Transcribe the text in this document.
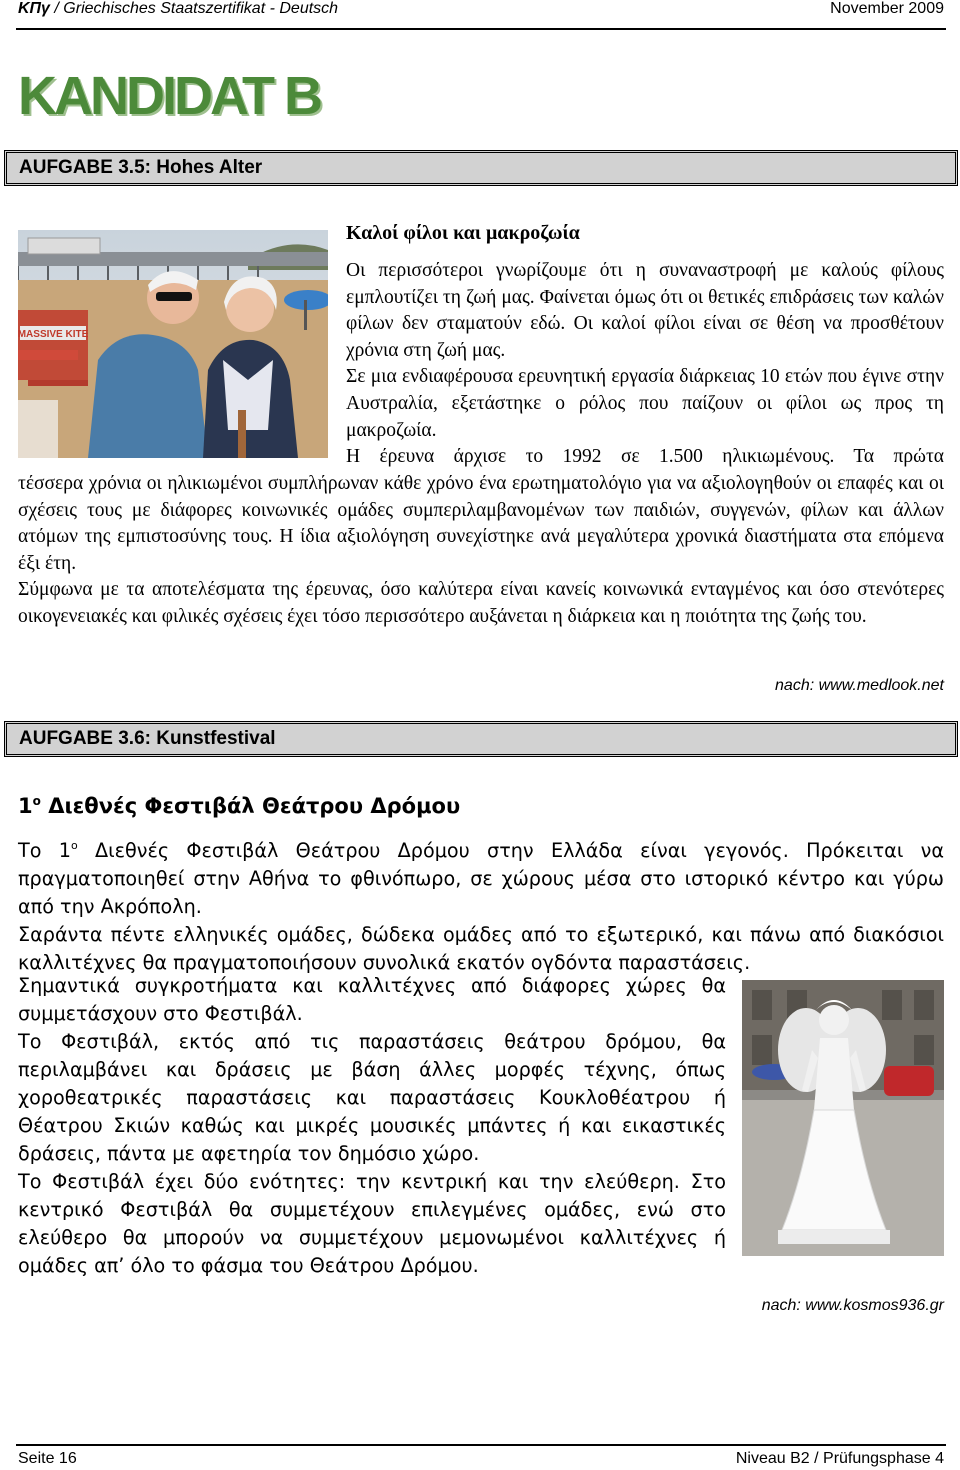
ΚΠγ / Griechisches Staatszertifikat - Deutsch	November 2009
KANDIDAT B
AUFGABE 3.5: Hohes Alter
MASSIVE KITE
Καλοί φίλοι και μακροζωία

Οι περισσότεροι γνωρίζουμε ότι η συναναστροφή με καλούς φίλους εμπλουτίζει τη ζωή μας. Φαίνεται όμως ότι οι θετικές επιδράσεις των καλών φίλων δεν σταματούν εδώ. Οι καλοί φίλοι είναι σε θέση να προσθέτουν χρόνια στη ζωή μας.

Σε μια ενδιαφέρουσα ερευνητική εργασία διάρκειας 10 ετών που έγινε στην Αυστραλία, εξετάστηκε ο ρόλος που παίζουν οι φίλοι ως προς τη μακροζωία.

Η έρευνα άρχισε το 1992 σε 1.500 ηλικιωμένους. Τα πρώτα

τέσσερα χρόνια οι ηλικιωμένοι συμπλήρωναν κάθε χρόνο ένα ερωτηματολόγιο για να αξιολογηθούν οι επαφές και οι σχέσεις τους με διάφορες κοινωνικές ομάδες συμπεριλαμβανομένων των παιδιών, συγγενών, φίλων και άλλων ατόμων της εμπιστοσύνης τους. Η ίδια αξιολόγηση συνεχίστηκε ανά μεγαλύτερα χρονικά διαστήματα στα επόμενα έξι έτη.

Σύμφωνα με τα αποτελέσματα της έρευνας, όσο καλύτερα είναι κανείς κοινωνικά ενταγμένος και όσο στενότερες οικογενειακές και φιλικές σχέσεις έχει τόσο περισσότερο αυξάνεται η διάρκεια και η ποιότητα της ζωής του.

nach: www.medlook.net
AUFGABE 3.6: Kunstfestival
$1^o$ Διεθνές Φεστιβάλ Θεάτρου Δρόμου

Το $1^o$ Διεθνές Φεστιβάλ Θεάτρου Δρόμου στην Ελλάδα είναι γεγονός. Πρόκειται να πραγματοποιηθεί στην Αθήνα το φθινόπωρο, σε χώρους μέσα στο ιστορικό κέντρο και γύρω από την Ακρόπολη.

Σαράντα πέντε ελληνικές ομάδες, δώδεκα ομάδες από το εξωτερικό, και πάνω από διακόσιοι καλλιτέχνες θα πραγματοποιήσουν συνολικά εκατόν ογδόντα παραστάσεις.

Σημαντικά συγκροτήματα και καλλιτέχνες από διάφορες χώρες θα συμμετάσχουν στο Φεστιβάλ.

Το Φεστιβάλ, εκτός από τις παραστάσεις θεάτρου δρόμου, θα περιλαμβάνει και δράσεις με βάση άλλες μορφές τέχνης, όπως χοροθεατρικές παραστάσεις και παραστάσεις Κουκλοθέατρου ή Θέατρου Σκιών καθώς και μικρές μουσικές μπάντες ή και εικαστικές δράσεις, πάντα με αφετηρία τον δημόσιο χώρο.

Το Φεστιβάλ έχει δύο ενότητες: την κεντρική και την ελεύθερη. Στο κεντρικό Φεστιβάλ θα συμμετέχουν επιλεγμένες ομάδες, ενώ στο ελεύθερο θα μπορούν να συμμετέχουν μεμονωμένοι καλλιτέχνες ή ομάδες απ’ όλο το φάσμα του Θεάτρου Δρόμου.

nach: www.kosmos936.gr
Seite 16	Niveau B2 / Prüfungsphase 4
